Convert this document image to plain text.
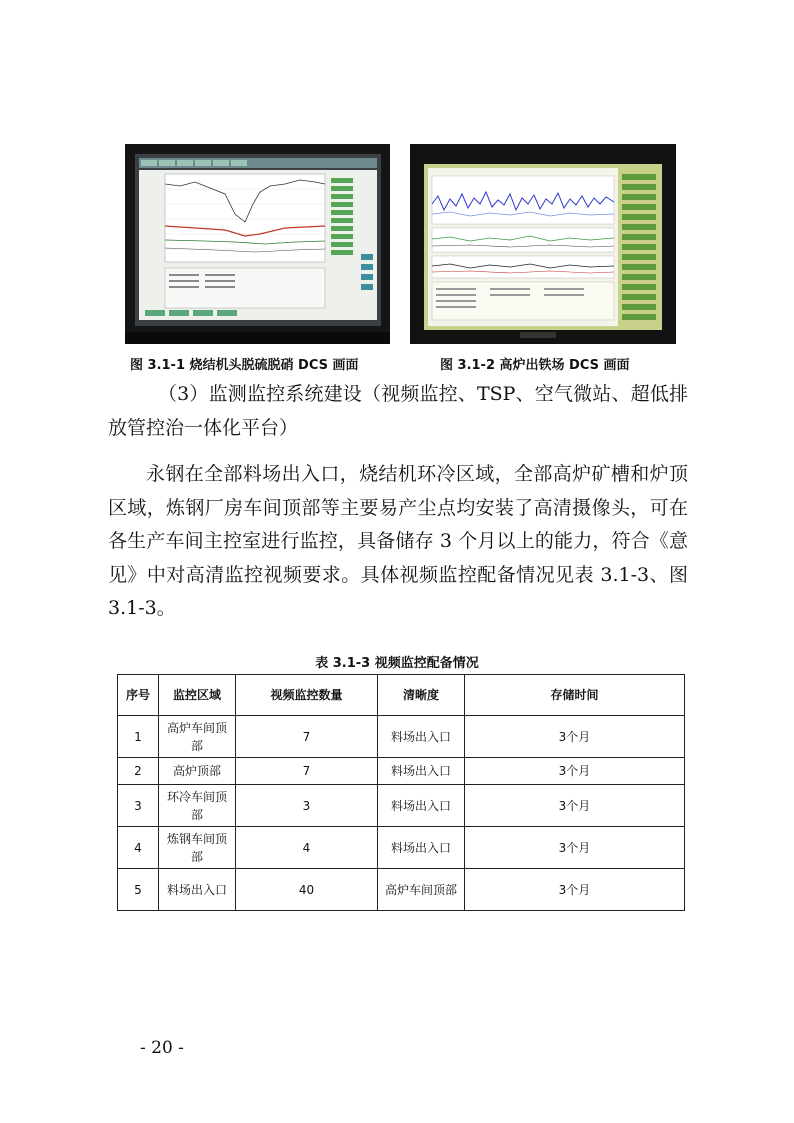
图 3.1-1 烧结机头脱硫脱硝 DCS 画面	图 3.1-2 高炉出铁场 DCS 画面

（3）监测监控系统建设（视频监控、TSP、空气微站、超低排放管控治一体化平台）

永钢在全部料场出入口，烧结机环冷区域，全部高炉矿槽和炉顶区域，炼钢厂房车间顶部等主要易产尘点均安装了高清摄像头，可在各生产车间主控室进行监控，具备储存 3 个月以上的能力，符合《意见》中对高清监控视频要求。具体视频监控配备情况见表 3.1-3、图 3.1-3。

表 3.1-3 视频监控配备情况
序号	监控区域	视频监控数量	清晰度	存储时间
1	高炉车间顶部	7	料场出入口	3个月
2	高炉顶部	7	料场出入口	3个月
3	环冷车间顶部	3	料场出入口	3个月
4	炼钢车间顶部	4	料场出入口	3个月
5	料场出入口	40	高炉车间顶部	3个月
- 20 -
